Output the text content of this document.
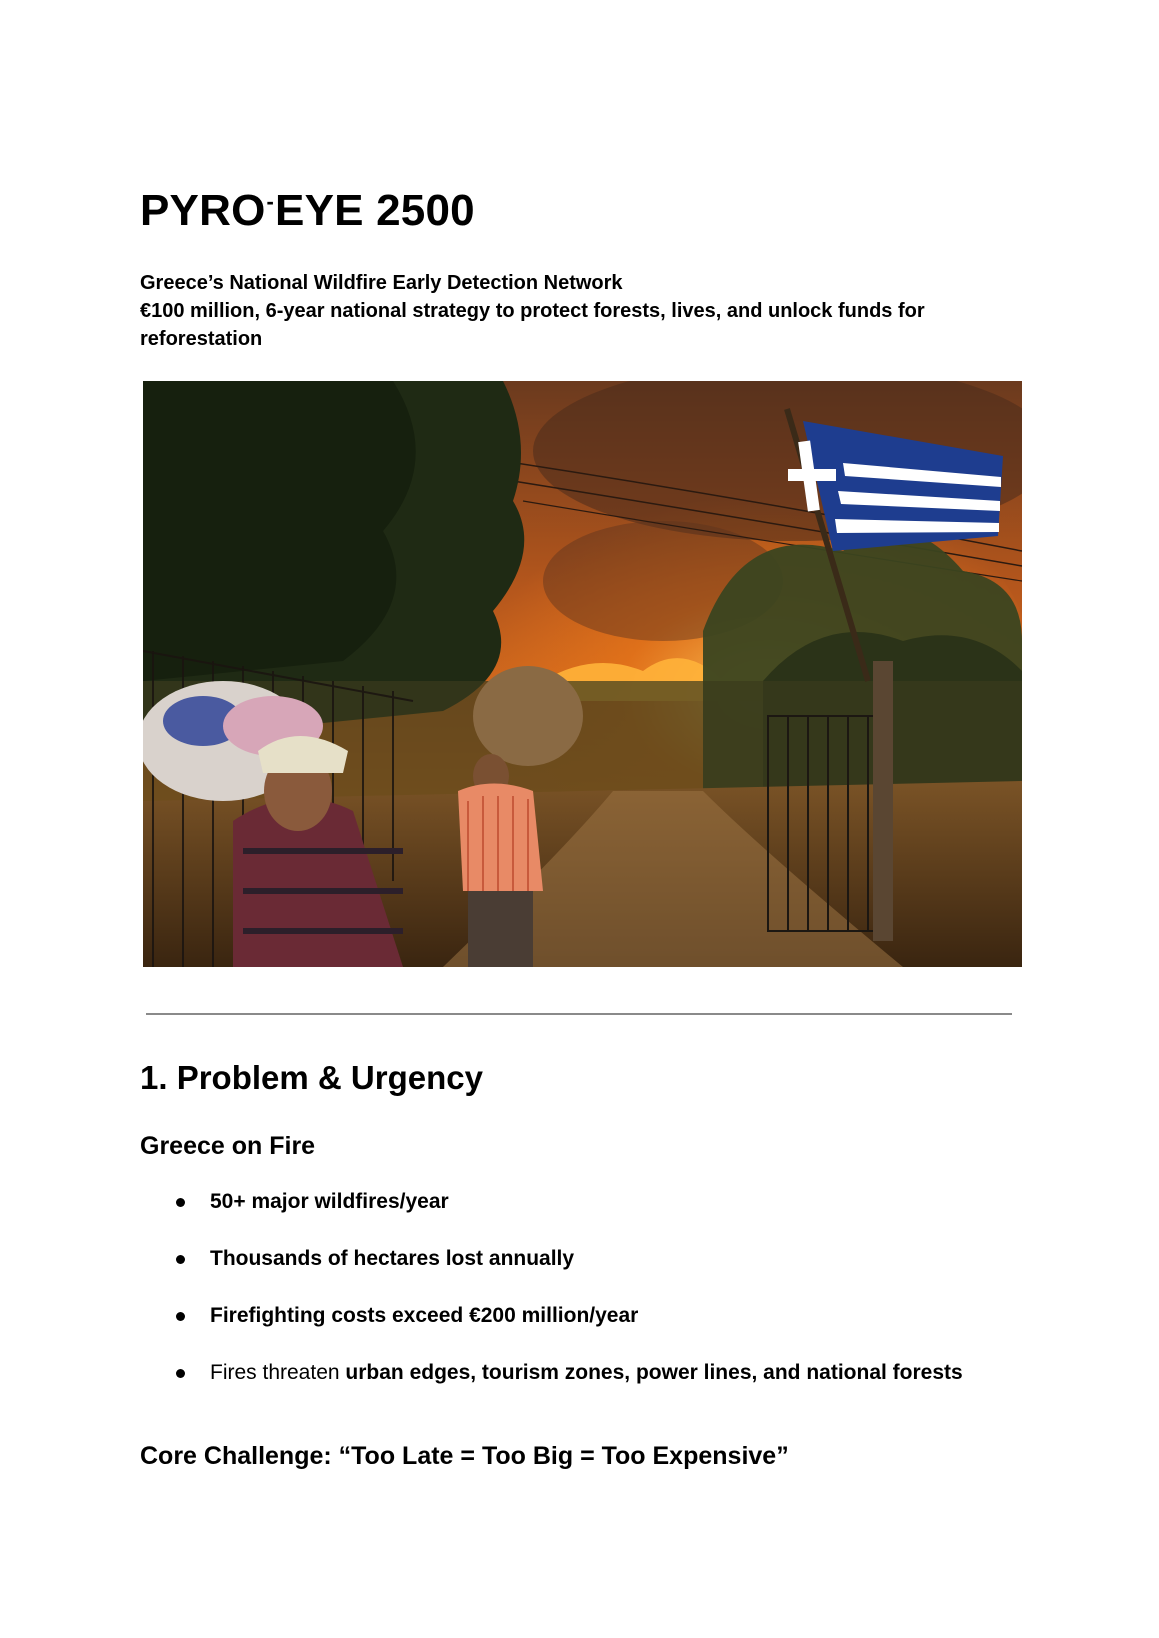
PYRO-EYE 2500

Greece’s National Wildfire Early Detection Network

€100 million, 6-year national strategy to protect forests, lives, and unlock funds for reforestation

1. Problem & Urgency
Greece on Fire
50+ major wildfires/year
Thousands of hectares lost annually
Firefighting costs exceed €200 million/year
Fires threaten urban edges, tourism zones, power lines, and national forests
Core Challenge: “Too Late = Too Big = Too Expensive”
